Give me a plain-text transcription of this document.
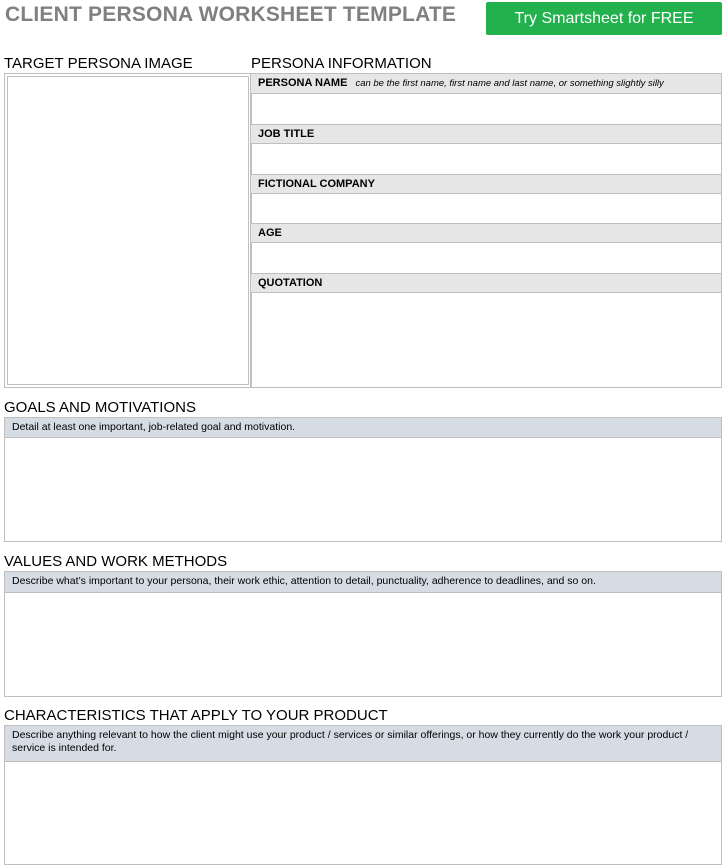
CLIENT PERSONA WORKSHEET TEMPLATE	Try Smartsheet for FREE
TARGET PERSONA IMAGE	PERSONA INFORMATION
PERSONA NAME can be the first name, first name and last name, or something slightly silly
JOB TITLE
FICTIONAL COMPANY
AGE
QUOTATION
GOALS AND MOTIVATIONS
Detail at least one important, job-related goal and motivation.
VALUES AND WORK METHODS
Describe what’s important to your persona, their work ethic, attention to detail, punctuality, adherence to deadlines, and so on.
CHARACTERISTICS THAT APPLY TO YOUR PRODUCT
Describe anything relevant to how the client might use your product / services or similar offerings, or how they currently do the work your product / service is intended for.
